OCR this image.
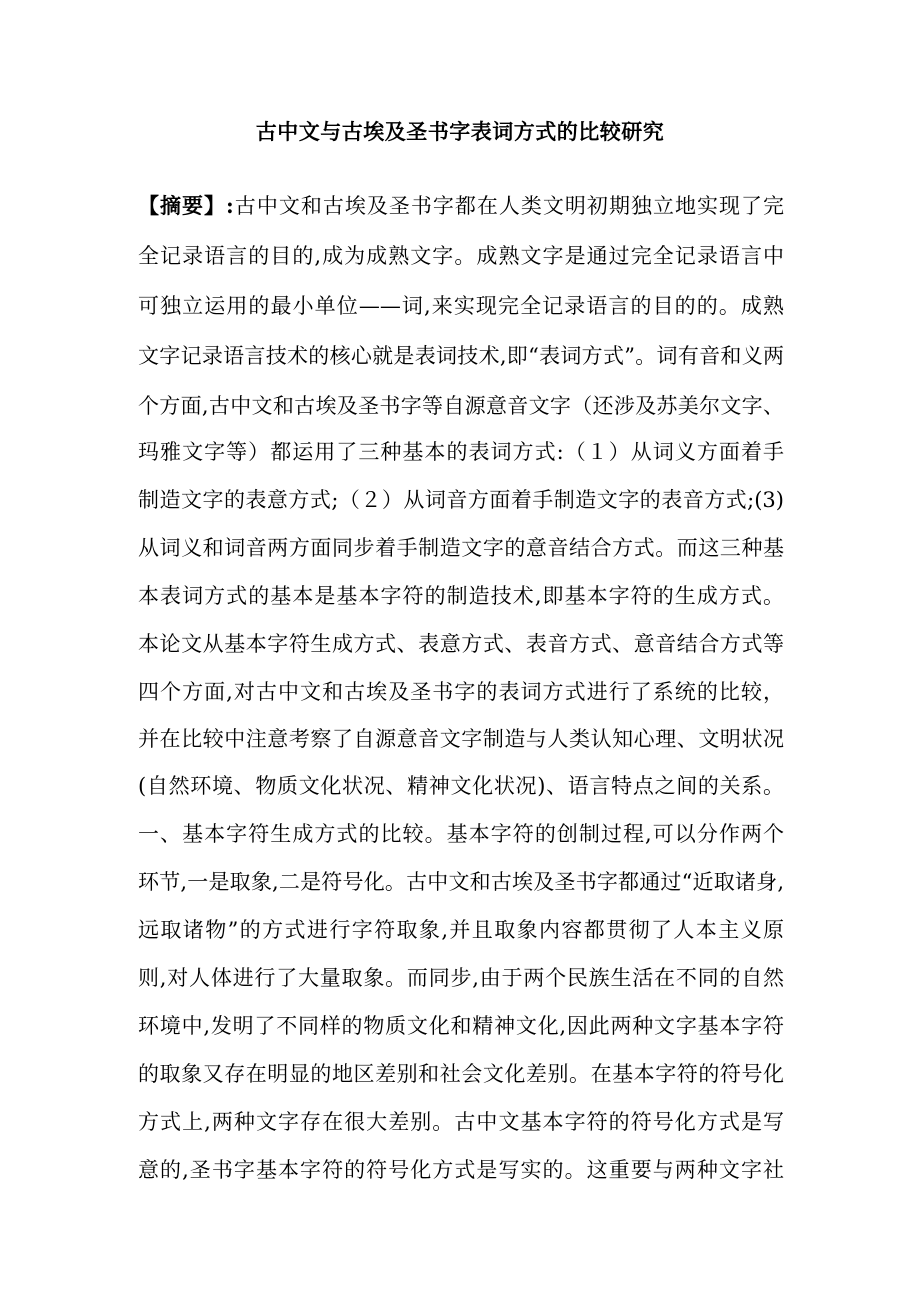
古中文与古埃及圣书字表词方式的比较研究
【摘要】:古中文和古埃及圣书字都在人类文明初期独立地实现了完
全记录语言的目的,成为成熟文字。成熟文字是通过完全记录语言中
可独立运用的最小单位——词,来实现完全记录语言的目的的。成熟
文字记录语言技术的核心就是表词技术,即“表词方式”。词有音和义两
个方面,古中文和古埃及圣书字等自源意音文字（还涉及苏美尔文字、
玛雅文字等）都运用了三种基本的表词方式:（１）从词义方面着手
制造文字的表意方式;（２）从词音方面着手制造文字的表音方式;(3)
从词义和词音两方面同步着手制造文字的意音结合方式。而这三种基
本表词方式的基本是基本字符的制造技术,即基本字符的生成方式。
本论文从基本字符生成方式、表意方式、表音方式、意音结合方式等
四个方面,对古中文和古埃及圣书字的表词方式进行了系统的比较，
并在比较中注意考察了自源意音文字制造与人类认知心理、文明状况
(自然环境、物质文化状况、精神文化状况)、语言特点之间的关系。
一、基本字符生成方式的比较。基本字符的创制过程,可以分作两个
环节,一是取象,二是符号化。古中文和古埃及圣书字都通过“近取诸身,
远取诸物”的方式进行字符取象,并且取象内容都贯彻了人本主义原
则,对人体进行了大量取象。而同步,由于两个民族生活在不同的自然
环境中,发明了不同样的物质文化和精神文化,因此两种文字基本字符
的取象又存在明显的地区差别和社会文化差别。在基本字符的符号化
方式上,两种文字存在很大差别。古中文基本字符的符号化方式是写
意的,圣书字基本字符的符号化方式是写实的。这重要与两种文字社
